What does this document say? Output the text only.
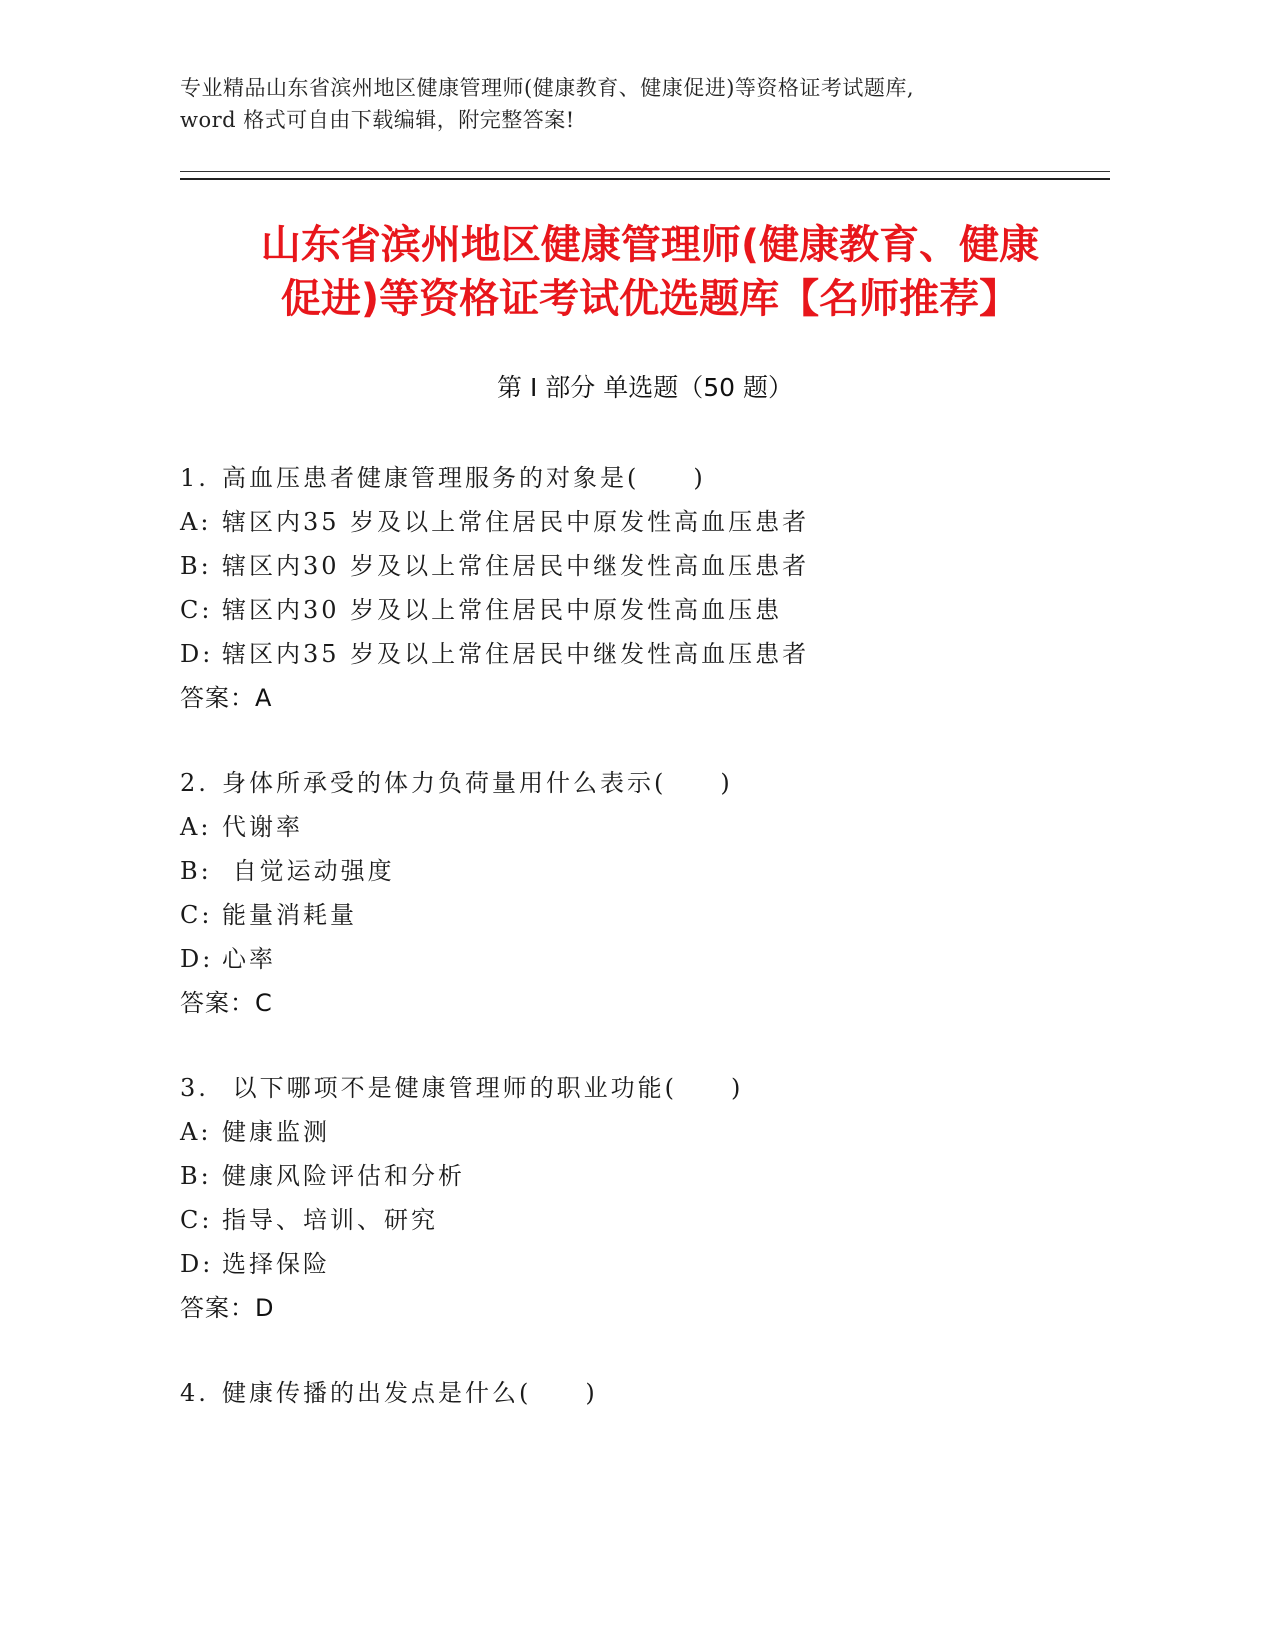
专业精品山东省滨州地区健康管理师(健康教育、健康促进)等资格证考试题库,
word 格式可自由下载编辑，附完整答案!
山东省滨州地区健康管理师(健康教育、健康
促进)等资格证考试优选题库【名师推荐】
第 I 部分 单选题（50 题）
1. 高血压患者健康管理服务的对象是(　　)
A: 辖区内35 岁及以上常住居民中原发性高血压患者
B: 辖区内30 岁及以上常住居民中继发性高血压患者
C: 辖区内30 岁及以上常住居民中原发性高血压患
D: 辖区内35 岁及以上常住居民中继发性高血压患者
答案：A
2. 身体所承受的体力负荷量用什么表示(　　)
A: 代谢率
B: 自觉运动强度
C: 能量消耗量
D: 心率
答案：C
3. 以下哪项不是健康管理师的职业功能(　　)
A: 健康监测
B: 健康风险评估和分析
C: 指导、培训、研究
D: 选择保险
答案：D
4. 健康传播的出发点是什么(　　)
